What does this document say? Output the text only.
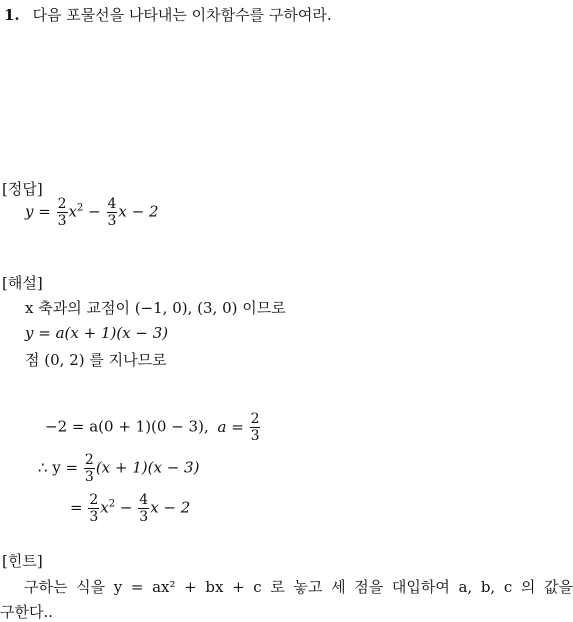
1. 다음 포물선을 나타내는 이차함수를 구하여라.
[정답]
$y = \frac{2}{3} x^2 - \frac{4}{3}$ x − 2
[해설]
x 축과의 교점이 (−1, 0), (3, 0) 이므로
y = a(x + 1)(x − 3)
점 (0, 2) 를 지나므로
−2 = a(0 + 1)(0 − 3), $a = \frac{2}{3}$
∴ $y = \frac{2}{3} (x + 1)(x - 3)$
= $\frac{2}{3} x^2 - \frac{4}{3}$ x − 2
[힌트]
구하는 식을 y = ax² + bx + c 로 놓고 세 점을 대입하여 a, b, c 의 값을
구한다..
